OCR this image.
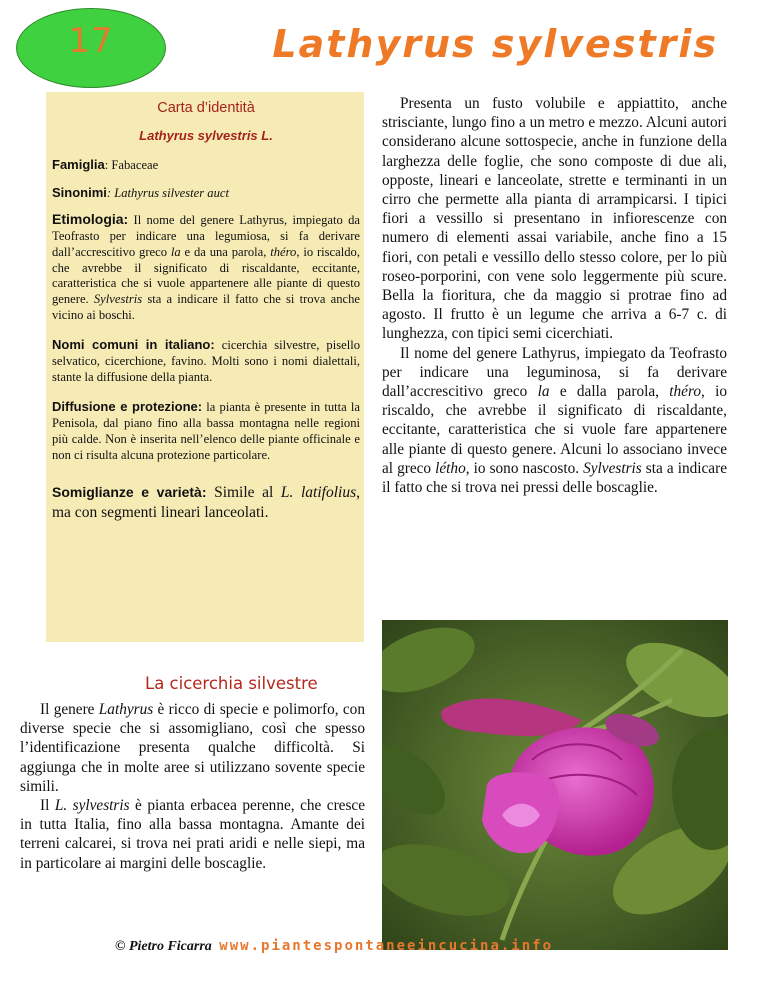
17	Lathyrus sylvestris
Carta d’identità
Lathyrus sylvestris L.

Famiglia: Fabaceae

Sinonimi: Lathyrus silvester auct

Etimologia: Il nome del genere Lathyrus, impiegato da Teofrasto per indicare una legumiosa, si fa derivare dall’accrescitivo greco la e da una parola, théro, io riscaldo, che avrebbe il significato di riscaldante, eccitante, caratteristica che si vuole appartenere alle piante di questo genere. Sylvestris sta a indicare il fatto che si trova anche vicino ai boschi.

Nomi comuni in italiano: cicerchia silvestre, pisello selvatico, cicerchione, favino. Molti sono i nomi dialettali, stante la diffusione della pianta.

Diffusione e protezione: la pianta è presente in tutta la Penisola, dal piano fino alla bassa montagna nelle regioni più calde. Non è inserita nell’elenco delle piante officinale e non ci risulta alcuna protezione particolare.

Somiglianze e varietà: Simile al L. latifolius, ma con segmenti lineari lanceolati.

La cicerchia silvestre

Il genere Lathyrus è ricco di specie e polimorfo, con diverse specie che si assomigliano, così che spesso l’identificazione presenta qualche difficoltà. Si aggiunga che in molte aree si utilizzano sovente specie simili.

Il L. sylvestris è pianta erbacea perenne, che cresce in tutta Italia, fino alla bassa montagna. Amante dei terreni calcarei, si trova nei prati aridi e nelle siepi, ma in particolare ai margini delle boscaglie.

Presenta un fusto volubile e appiattito, anche strisciante, lungo fino a un metro e mezzo. Alcuni autori considerano alcune sottospecie, anche in funzione della larghezza delle foglie, che sono composte di due ali, opposte, lineari e lanceolate, strette e terminanti in un cirro che permette alla pianta di arrampicarsi. I tipici fiori a vessillo si presentano in infiorescenze con numero di elementi assai variabile, anche fino a 15 fiori, con petali e vessillo dello stesso colore, per lo più roseo-porporini, con vene solo leggermente più scure. Bella la fioritura, che da maggio si protrae fino ad agosto. Il frutto è un legume che arriva a 6-7 c. di lunghezza, con tipici semi cicerchiati.

Il nome del genere Lathyrus, impiegato da Teofrasto per indicare una leguminosa, si fa derivare dall’accrescitivo greco la e dalla parola, théro, io riscaldo, che avrebbe il significato di riscaldante, eccitante, caratteristica che si vuole fare appartenere alle piante di questo genere. Alcuni lo associano invece al greco létho, io sono nascosto. Sylvestris sta a indicare il fatto che si trova nei pressi delle boscaglie.

© Pietro Ficarra www.piantespontaneeincucina.info
